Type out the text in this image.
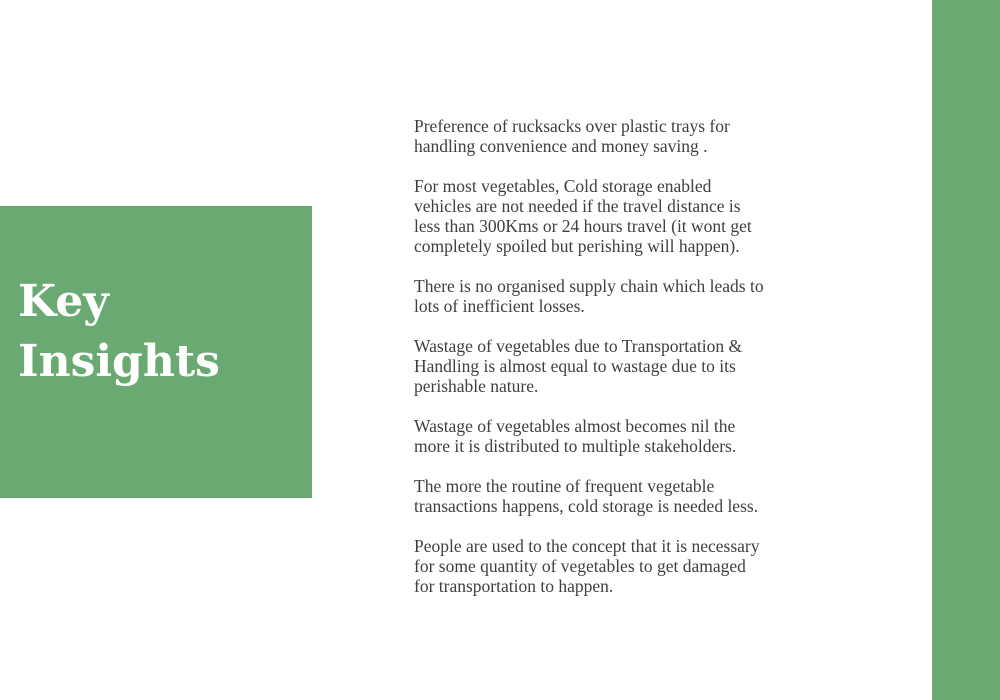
Key
Insights
Preference of rucksacks over plastic trays for
handling convenience and money saving .
For most vegetables, Cold storage enabled
vehicles are not needed if the travel distance is
less than 300Kms or 24 hours travel (it wont get
completely spoiled but perishing will happen).
There is no organised supply chain which leads to
lots of inefficient losses.
Wastage of vegetables due to Transportation &
Handling is almost equal to wastage due to its
perishable nature.
Wastage of vegetables almost becomes nil the
more it is distributed to multiple stakeholders.
The more the routine of frequent vegetable
transactions happens, cold storage is needed less.
People are used to the concept that it is necessary
for some quantity of vegetables to get damaged
for transportation to happen.
